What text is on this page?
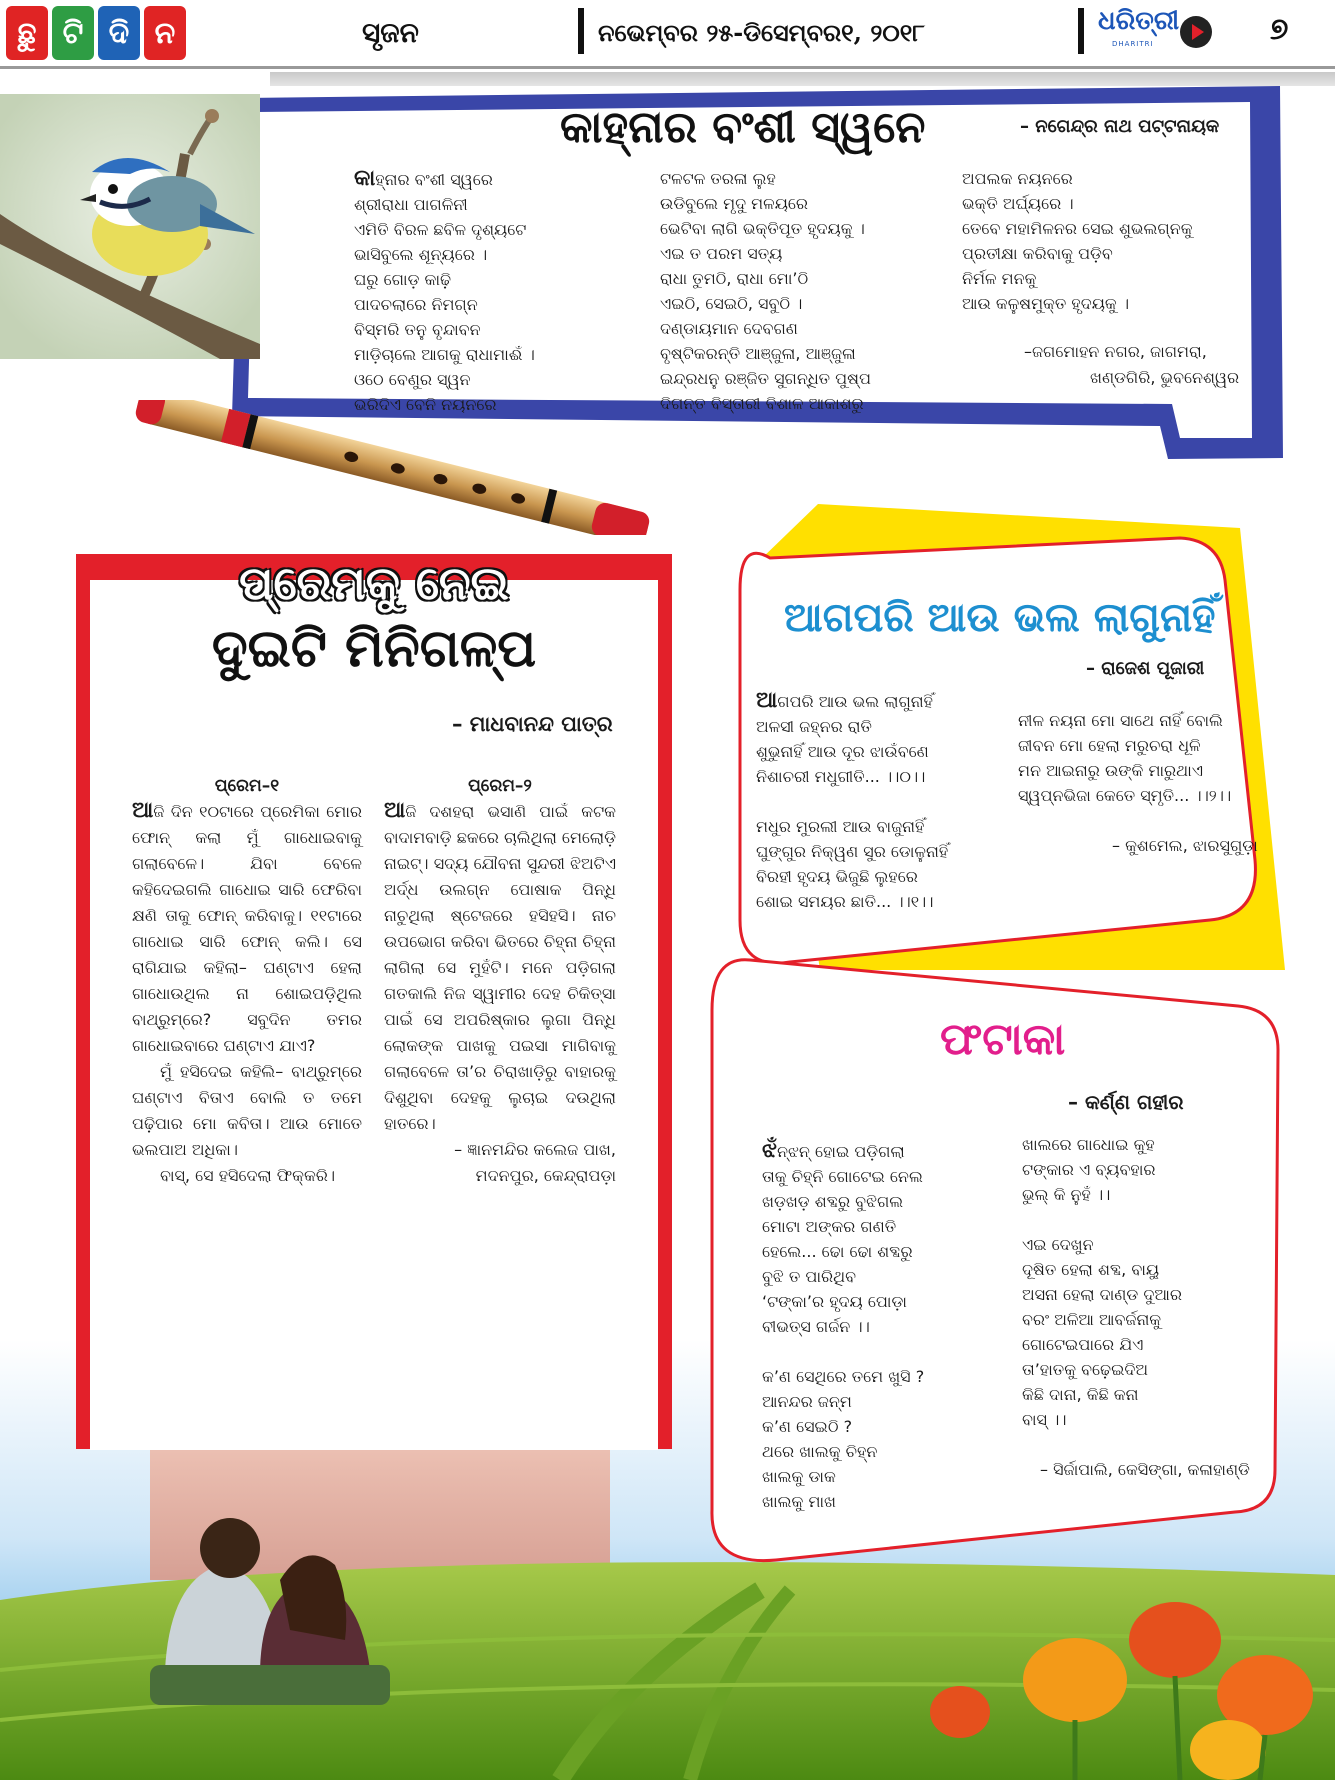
ଛୁ ଟି ଦି ନ	ସୃଜନ	ନଭେମ୍ବର ୨୫-ଡିସେମ୍ବର୧, ୨୦୧୮	ଧରିତ୍ରୀ
DHARITRI	୭
କାହ୍ନାର ବଂଶୀ ସ୍ୱନେ	– ନଗେନ୍ଦ୍ର ନାଥ ପଟ୍ଟନାୟକ
କାହ୍ନାର ବଂଶୀ ସ୍ୱରେ
ଶ୍ରୀରାଧା ପାଗଳିନୀ
ଏମିତି ବିରଳ ଛବିଳ ଦୃଶ୍ୟଟେ
ଭାସିବୁଲେ ଶୂନ୍ୟରେ ।
ଘରୁ ଗୋଡ଼ କାଢ଼ି
ପାଦଚଲାରେ ନିମଗ୍ନ
ବିସ୍ମରି ତନୁ ବୃନ୍ଦାବନ
ମାଡ଼ିଚାଲେ ଆଗକୁ ରାଧାମାଈଁ ।
ଓଠେ ବେଣୁର ସ୍ୱନ
ଭରିଦିଏ ବେନି ନୟନରେ
ଟଳଟଳ ତରଳା ଲୁହ
ଉଡିବୁଲେ ମୃଦୁ ମଳୟରେ
ଭେଟିବା ଲାଗି ଭକ୍ତିପୂତ ହୃଦୟକୁ ।
ଏଇ ତ ପରମ ସତ୍ୟ
ରାଧା ତୁମଠି, ରାଧା ମୋ’ଠି
ଏଇଠି, ସେଇଠି, ସବୁଠି ।
ଦଣ୍ଡାୟମାନ ଦେବଗଣ
ବୃଷ୍ଟିକରନ୍ତି ଆଞ୍ଜୁଳା, ଆଞ୍ଜୁଳା
ଇନ୍ଦ୍ରଧନୁ ରଞ୍ଜିତ ସୁଗନ୍ଧିତ ପୁଷ୍ପ
ଦିଗନ୍ତ ବିସ୍ତାରୀ ବିଶାଳ ଆକାଶରୁ
ଅପଲକ ନୟନରେ
ଭକ୍ତି ଅର୍ଘ୍ୟରେ ।
ତେବେ ମହାମିଳନର ସେଇ ଶୁଭଲଗ୍ନକୁ
ପ୍ରତୀକ୍ଷା କରିବାକୁ ପଡ଼ିବ
ନିର୍ମଳ ମନକୁ
ଆଉ କଳୁଷମୁକ୍ତ ହୃଦୟକୁ ।
–ଜଗମୋହନ ନଗର, ଜାଗମରା,
ଖଣ୍ଡଗିରି, ଭୁବନେଶ୍ୱର
ପ୍ରେମକୁ ନେଇ
ଦୁଇଟି ମିନିଗଳ୍ପ
– ମାଧବାନନ୍ଦ ପାତ୍ର
ପ୍ରେମ–୧

ଆଜି ଦିନ ୧୦ଟାରେ ପ୍ରେମିକା ମୋର ଫୋନ୍ କଲା ମୁଁ ଗାଧୋଇବାକୁ ଗଲାବେଳେ। ଯିବା ବେଳେ କହିଦେଇଗଲି ଗାଧୋଇ ସାରି ଫେରିବା କ୍ଷଣି ତାକୁ ଫୋନ୍ କରିବାକୁ। ୧୧ଟାରେ ଗାଧୋଇ ସାରି ଫୋନ୍ କଲି। ସେ ରାଗିଯାଇ କହିଲା– ଘଣ୍ଟାଏ ହେଲା ଗାଧୋଉଥିଲ ନା ଶୋଇପଡ଼ିଥିଲ ବାଥ୍‌ରୁମ୍‌ରେ? ସବୁଦିନ ତମର ଗାଧୋଇବାରେ ଘଣ୍ଟାଏ ଯାଏ?

ମୁଁ ହସିଦେଇ କହିଲି– ବାଥ୍‌ରୁମ୍‌ରେ ଘଣ୍ଟାଏ ବିତାଏ ବୋଲି ତ ତମେ ପଢ଼ିପାର ମୋ କବିତା। ଆଉ ମୋତେ ଭଲପାଅ ଅଧିକା।

ବାସ୍, ସେ ହସିଦେଲା ଫିକ୍‌କରି।

ପ୍ରେମ–୨

ଆଜି ଦଶହରା ଭସାଣି ପାଇଁ କଟକ ବାଦାମବାଡ଼ି ଛକରେ ଚାଲିଥିଲା ମେଲୋଡ଼ି ନାଇଟ୍। ସଦ୍ୟ ଯୌବନା ସୁନ୍ଦରୀ ଝିଅଟିଏ ଅର୍ଦ୍ଧ ଉଲଗ୍ନ ପୋଷାକ ପିନ୍ଧି ନାଚୁଥିଲା ଷ୍ଟେଜରେ ହସିହସି। ନାଚ ଉପଭୋଗ କରିବା ଭିତରେ ଚିହ୍ନା ଚିହ୍ନା ଲାଗିଲା ସେ ମୁହଁଟି। ମନେ ପଡ଼ିଗଲା ଗତକାଲି ନିଜ ସ୍ୱାମୀର ଦେହ ଚିକିତ୍ସା ପାଇଁ ସେ ଅପରିଷ୍କାର ଲୁଗା ପିନ୍ଧି ଲୋକଙ୍କ ପାଖକୁ ପଇସା ମାଗିବାକୁ ଗଲାବେଳେ ତା’ର ଚିରାଖାଡ଼ିରୁ ବାହାରକୁ ଦିଶୁଥିବା ଦେହକୁ ଲୁଚାଇ ଦଉଥିଲା ହାତରେ।

– ଜ୍ଞାନମନ୍ଦିର କଲେଜ ପାଖ,
ମଦନପୁର, କେନ୍ଦ୍ରାପଡ଼ା
ଆଗପରି ଆଉ ଭଲ ଲାଗୁନାହିଁ
– ରାଜେଶ ପୂଜାରୀ
ଆଗପରି ଆଉ ଭଲ ଲାଗୁନାହିଁ
ଅଳସୀ ଜହ୍ନର ରାତି
ଶୁଭୁନାହିଁ ଆଉ ଦୂର ଝାଉଁବଣେ
ନିଶାଚରୀ ମଧୁଗୀତି... ।।୦।।
ମଧୁର ମୁରଲୀ ଆଉ ବାଜୁନାହିଁ
ଘୁଙ୍ଗୁର ନିକ୍ୱଣ ସୁର ଡୋଳୁନାହିଁ
ବିରହୀ ହୃଦୟ ଭିଜୁଛି ଲୁହରେ
ଶୋଇ ସମୟର ଛାତି... ।।୧।।
ନୀଳ ନୟନା ମୋ ସାଥେ ନାହିଁ ବୋଲି
ଜୀବନ ମୋ ହେଲା ମରୁଚରା ଧୂଳି
ମନ ଆଇନାରୁ ଉଙ୍କି ମାରୁଥାଏ
ସ୍ୱପ୍ନଭିଜା କେତେ ସ୍ମୃତି... ।।୨।।
– କୁଶମେଲ, ଝାରସୁଗୁଡ଼ା
ଫଟାକା
– କର୍ଣ୍ଣ ଗହୀର
ଝଁନ୍ଝନ୍ ହୋଇ ପଡ଼ିଗଲା
ତାକୁ ଚିହ୍ନି ଗୋଟେଇ ନେଲ
ଖଡ଼ଖଡ଼ ଶବ୍ଦରୁ ବୁଝିଗଲ
ମୋଟା ଅଙ୍କର ଗଣତି
ହେଲେ... ଢୋ ଢୋ ଶବ୍ଦରୁ
ବୁଝି ତ ପାରିଥିବ
‘ଟଙ୍କା’ର ହୃଦୟ ପୋଡ଼ା
ବୀଭତ୍ସ ଗର୍ଜନ ।।
କ’ଣ ସେଥିରେ ତମେ ଖୁସି ?
ଆନନ୍ଦର ଜନ୍ମ
କ’ଣ ସେଇଠି ?
ଥରେ ଖାଲକୁ ଚିହ୍ନ
ଖାଲକୁ ଡାକ
ଖାଲକୁ ମାଖ
ଖାଲରେ ଗାଧୋଇ କୁହ
ଟଙ୍କାର ଏ ବ୍ୟବହାର
ଭୁଲ୍ କି ନୁହଁ ।।
ଏଇ ଦେଖୁନ
ଦୂଷିତ ହେଲା ଶବ୍ଦ, ବାୟୁ
ଅସନା ହେଲା ଦାଣ୍ଡ ଦୁଆର
ବରଂ ଅଳିଆ ଆବର୍ଜନାକୁ
ଗୋଟେଇପାରେ ଯିଏ
ତା’ହାତକୁ ବଢ଼େଇଦିଅ
କିଛି ଦାନା, କିଛି କନା
ବାସ୍ ।।
– ସିର୍ଜାପାଲି, କେସିଙ୍ଗା, କଳାହାଣ୍ଡି
